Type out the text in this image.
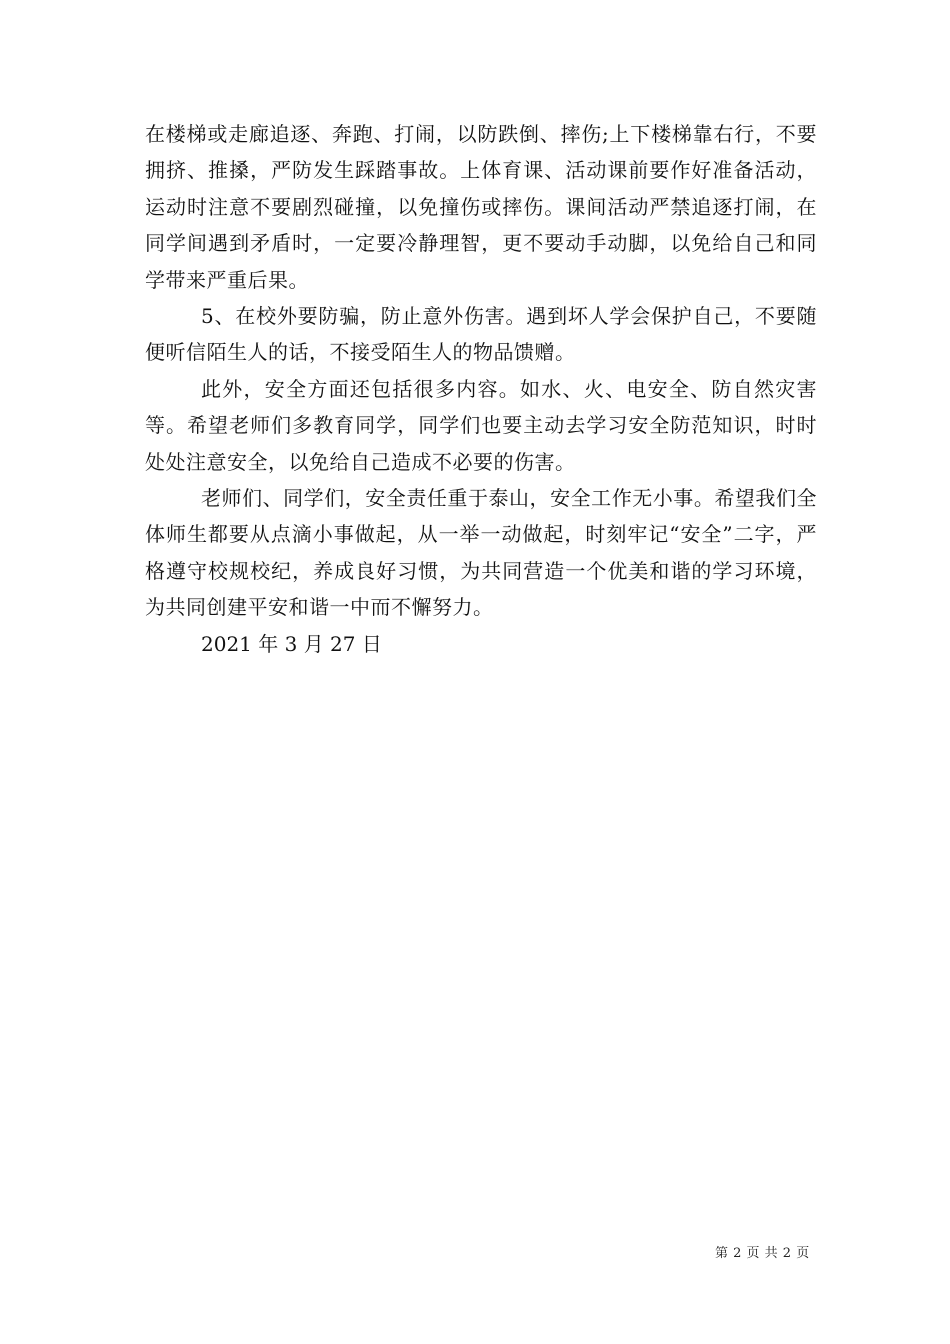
在楼梯或走廊追逐、奔跑、打闹，以防跌倒、摔伤;上下楼梯靠右行，不要拥挤、推搡，严防发生踩踏事故。上体育课、活动课前要作好准备活动，运动时注意不要剧烈碰撞，以免撞伤或摔伤。课间活动严禁追逐打闹，在同学间遇到矛盾时，一定要冷静理智，更不要动手动脚，以免给自己和同学带来严重后果。

5、在校外要防骗，防止意外伤害。遇到坏人学会保护自己，不要随便听信陌生人的话，不接受陌生人的物品馈赠。

此外，安全方面还包括很多内容。如水、火、电安全、防自然灾害等。希望老师们多教育同学，同学们也要主动去学习安全防范知识，时时处处注意安全，以免给自己造成不必要的伤害。

老师们、同学们，安全责任重于泰山，安全工作无小事。希望我们全体师生都要从点滴小事做起，从一举一动做起，时刻牢记“安全”二字，严格遵守校规校纪，养成良好习惯，为共同营造一个优美和谐的学习环境，为共同创建平安和谐一中而不懈努力。

2021 年 3 月 27 日

第 2 页 共 2 页
